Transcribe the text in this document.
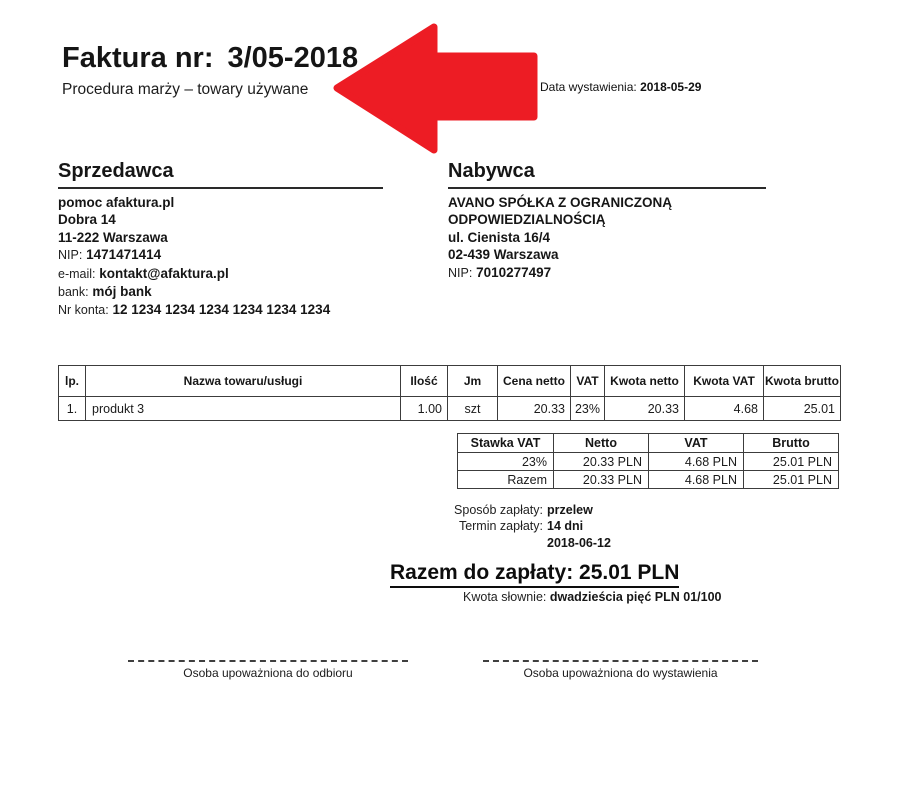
Faktura nr: 3/05-2018
Procedura marży – towary używane	Data wystawienia: 2018-05-29
Sprzedawca
pomoc afaktura.pl
Dobra 14
11-222 Warszawa
NIP: 1471471414
e-mail: kontakt@afaktura.pl
bank: mój bank
Nr konta: 12 1234 1234 1234 1234 1234 1234
Nabywca
AVANO SPÓŁKA Z OGRANICZONĄ ODPOWIEDZIALNOŚCIĄ
ul. Cienista 16/4
02-439 Warszawa
NIP: 7010277497
lp.	Nazwa towaru/usługi	Ilość	Jm	Cena netto	VAT	Kwota netto	Kwota VAT	Kwota brutto
1.	produkt 3	1.00	szt	20.33	23%	20.33	4.68	25.01
Stawka VAT	Netto	VAT	Brutto
23%	20.33 PLN	4.68 PLN	25.01 PLN
Razem	20.33 PLN	4.68 PLN	25.01 PLN
Sposób zapłaty: przelew
Termin zapłaty: 14 dni
2018-06-12
Razem do zapłaty: 25.01 PLN
Kwota słownie: dwadzieścia pięć PLN 01/100
Osoba upoważniona do odbioru	Osoba upoważniona do wystawienia
